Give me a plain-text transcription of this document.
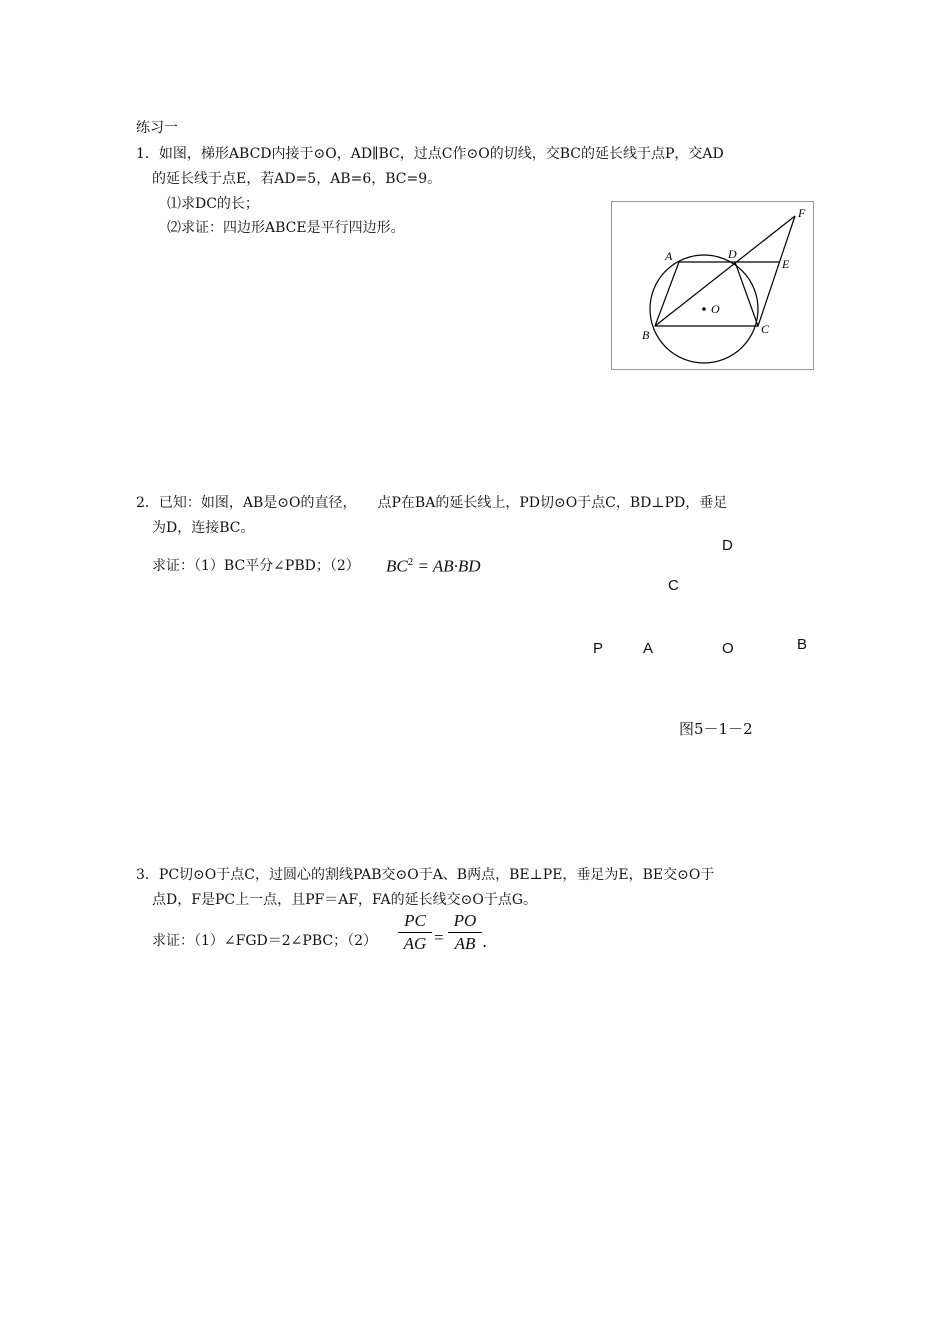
练习一
1．如图，梯形ABCD内接于⊙O，AD∥BC，过点C作⊙O的切线，交BC的延长线于点P，交AD
的延长线于点E，若AD=5，AB=6，BC=9。
⑴求DC的长；
⑵求证：四边形ABCE是平行四边形。
A
B	C
D
E
F
O
2．已知：如图，AB是⊙O的直径，　　点P在BA的延长线上，PD切⊙O于点C，BD⊥PD，垂足
为D，连接BC。
求证：（1）BC平分∠PBD；（2） $BC^2 = AB\cdot BD$
D
C
P	A	O	B
图5－1－2
3．PC切⊙O于点C，过圆心的割线PAB交⊙O于A、B两点，BE⊥PE，垂足为E，BE交⊙O于
点D，F是PC上一点，且PF＝AF，FA的延长线交⊙O于点G。
求证：（1）∠FGD＝2∠PBC；（2）
PC
AG =
PO
AB .
